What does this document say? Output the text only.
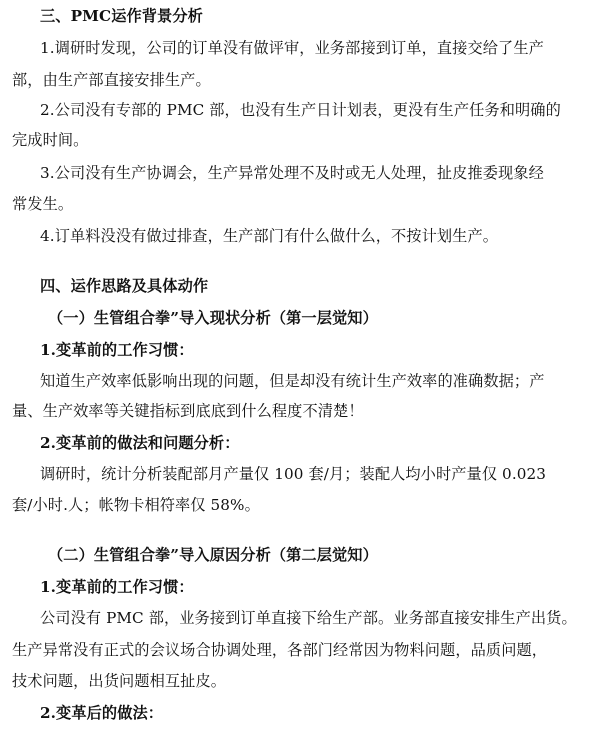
三、PMC运作背景分析
1.调研时发现，公司的订单没有做评审，业务部接到订单，直接交给了生产
部，由生产部直接安排生产。
2.公司没有专部的 PMC 部，也没有生产日计划表，更没有生产任务和明确的
完成时间。
3.公司没有生产协调会，生产异常处理不及时或无人处理，扯皮推委现象经
常发生。
4.订单料没没有做过排查，生产部门有什么做什么，不按计划生产。
四、运作思路及具体动作
（一）生管组合拳”导入现状分析（第一层觉知）
1.变革前的工作习惯：
知道生产效率低影响出现的问题，但是却没有统计生产效率的准确数据；产
量、生产效率等关键指标到底底到什么程度不清楚！
2.变革前的做法和问题分析：
调研时，统计分析装配部月产量仅 100 套/月；装配人均小时产量仅 0.023
套/小时.人；帐物卡相符率仅 58%。
（二）生管组合拳”导入原因分析（第二层觉知）
1.变革前的工作习惯：
公司没有 PMC 部，业务接到订单直接下给生产部。业务部直接安排生产出货。
生产异常没有正式的会议场合协调处理，各部门经常因为物料问题，品质问题，
技术问题，出货问题相互扯皮。
2.变革后的做法：
